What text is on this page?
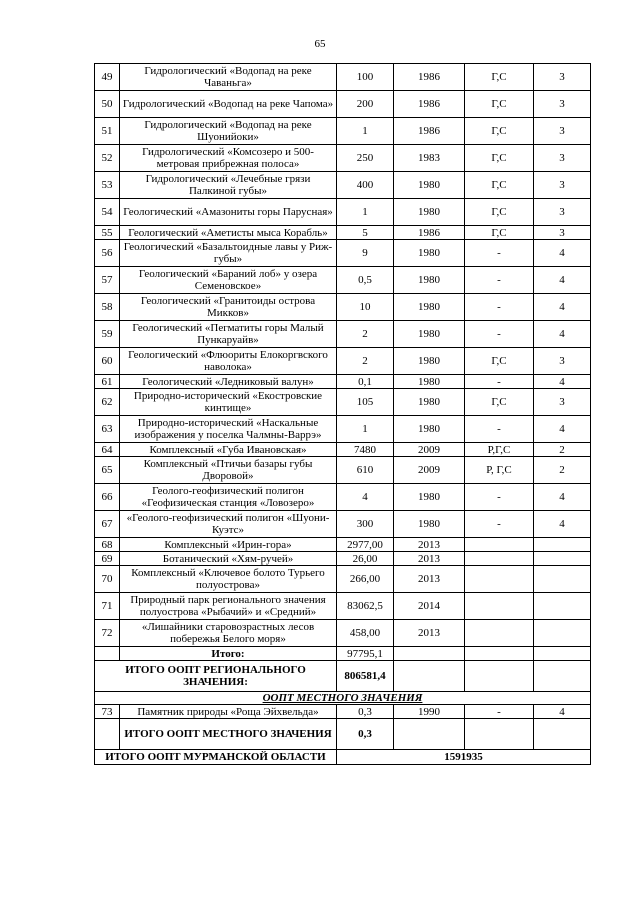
65
49	Гидрологический «Водопад на реке Чаваньга»	100	1986	Г,С	3
50	Гидрологический «Водопад на реке Чапома»	200	1986	Г,С	3
51	Гидрологический «Водопад на реке Шуонийоки»	1	1986	Г,С	3
52	Гидрологический «Комсозеро и 500-метровая прибрежная полоса»	250	1983	Г,С	3
53	Гидрологический «Лечебные грязи Палкиной губы»	400	1980	Г,С	3
54	Геологический «Амазониты горы Парусная»	1	1980	Г,С	3
55	Геологический «Аметисты мыса Корабль»	5	1986	Г,С	3
56	Геологический «Базальтоидные лавы у Риж-губы»	9	1980	-	4
57	Геологический «Бараний лоб» у озера Семеновское»	0,5	1980	-	4
58	Геологический «Гранитоиды острова Микков»	10	1980	-	4
59	Геологический «Пегматиты горы Малый Пункаруайв»	2	1980	-	4
60	Геологический «Флюориты Елокоргвского наволока»	2	1980	Г,С	3
61	Геологический «Ледниковый валун»	0,1	1980	-	4
62	Природно-исторический «Екостровские кинтище»	105	1980	Г,С	3
63	Природно-исторический «Наскальные изображения у поселка Чалмны-Варрэ»	1	1980	-	4
64	Комплексный «Губа Ивановская»	7480	2009	Р,Г,С	2
65	Комплексный «Птичьи базары губы Дворовой»	610	2009	Р, Г,С	2
66	Геолого-геофизический полигон «Геофизическая станция «Ловозеро»	4	1980	-	4
67	«Геолого-геофизический полигон «Шуони-Куэтс»	300	1980	-	4
68	Комплексный «Ирин-гора»	2977,00	2013		
69	Ботанический «Хям-ручей»	26,00	2013		
70	Комплексный «Ключевое болото Турьего полуострова»	266,00	2013		
71	Природный парк регионального значения полуострова «Рыбачий» и «Средний»	83062,5	2014		
72	«Лишайники старовозрастных лесов побережья Белого моря»	458,00	2013		
	Итого:	97795,1			
ИТОГО ООПТ РЕГИОНАЛЬНОГО ЗНАЧЕНИЯ:		806581,4			
ООПТ МЕСТНОГО ЗНАЧЕНИЯ					
73	Памятник природы «Роща Эйхвельда»	0,3	1990	-	4
	ИТОГО ООПТ МЕСТНОГО ЗНАЧЕНИЯ	0,3			
ИТОГО ООПТ МУРМАНСКОЙ ОБЛАСТИ		1591935			
